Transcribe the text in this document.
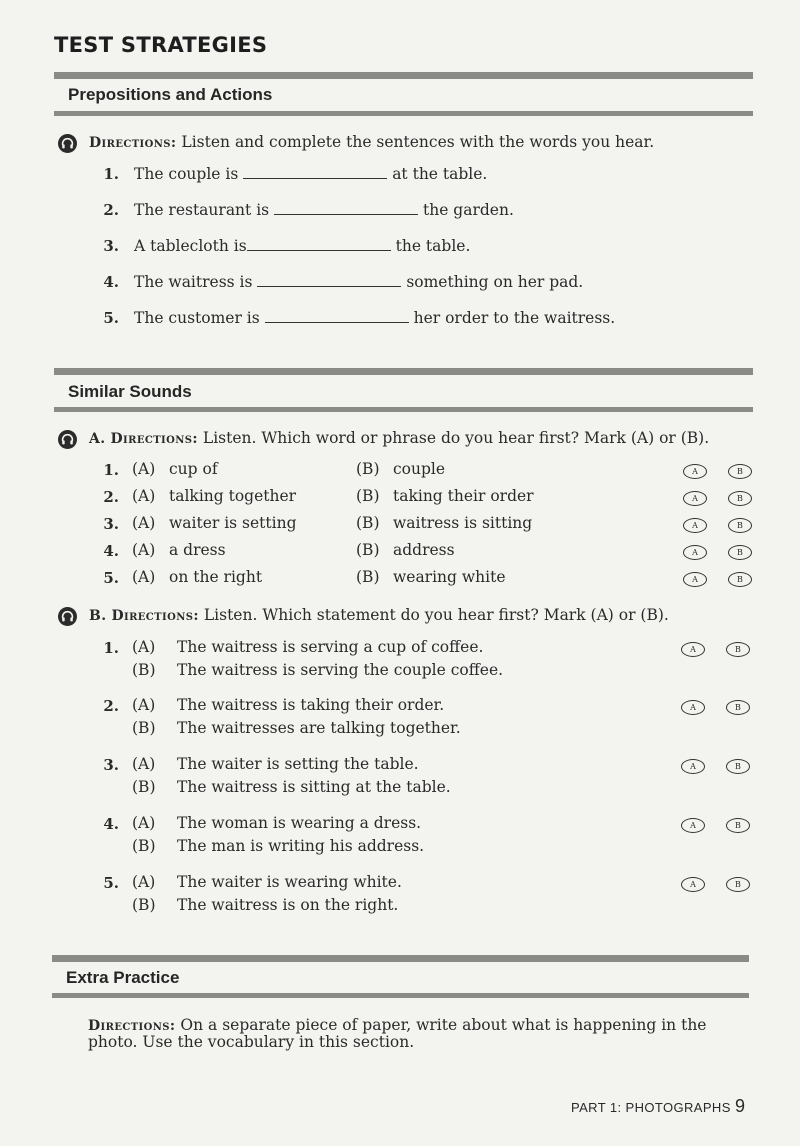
TEST STRATEGIES
Prepositions and Actions
Directions: Listen and complete the sentences with the words you hear.
1. The couple is	at the table.
2. The restaurant is	the garden.
3. A tablecloth is	the table.
4. The waitress is	something on her pad.
5. The customer is	her order to the waitress.
Similar Sounds
A. Directions: Listen. Which word or phrase do you hear first? Mark (A) or (B).
1. (A) cup of	(B) couple	A	B
2. (A) talking together	(B) taking their order	A	B
3. (A) waiter is setting	(B) waitress is sitting	A	B
4. (A) a dress	(B) address	A	B
5. (A) on the right	(B) wearing white	A	B
B. Directions: Listen. Which statement do you hear first? Mark (A) or (B).
1. (A) The waitress is serving a cup of coffee.
(B) The waitress is serving the couple coffee.
A	B
2. (A) The waitress is taking their order.
(B) The waitresses are talking together.
A	B
3. (A) The waiter is setting the table.
(B) The waitress is sitting at the table.
A	B
4. (A) The woman is wearing a dress.
(B) The man is writing his address.
A	B
5. (A) The waiter is wearing white.
(B) The waitress is on the right.
A	B
Extra Practice
Directions: On a separate piece of paper, write about what is happening in the
photo. Use the vocabulary in this section.
PART 1: PHOTOGRAPHS 9
